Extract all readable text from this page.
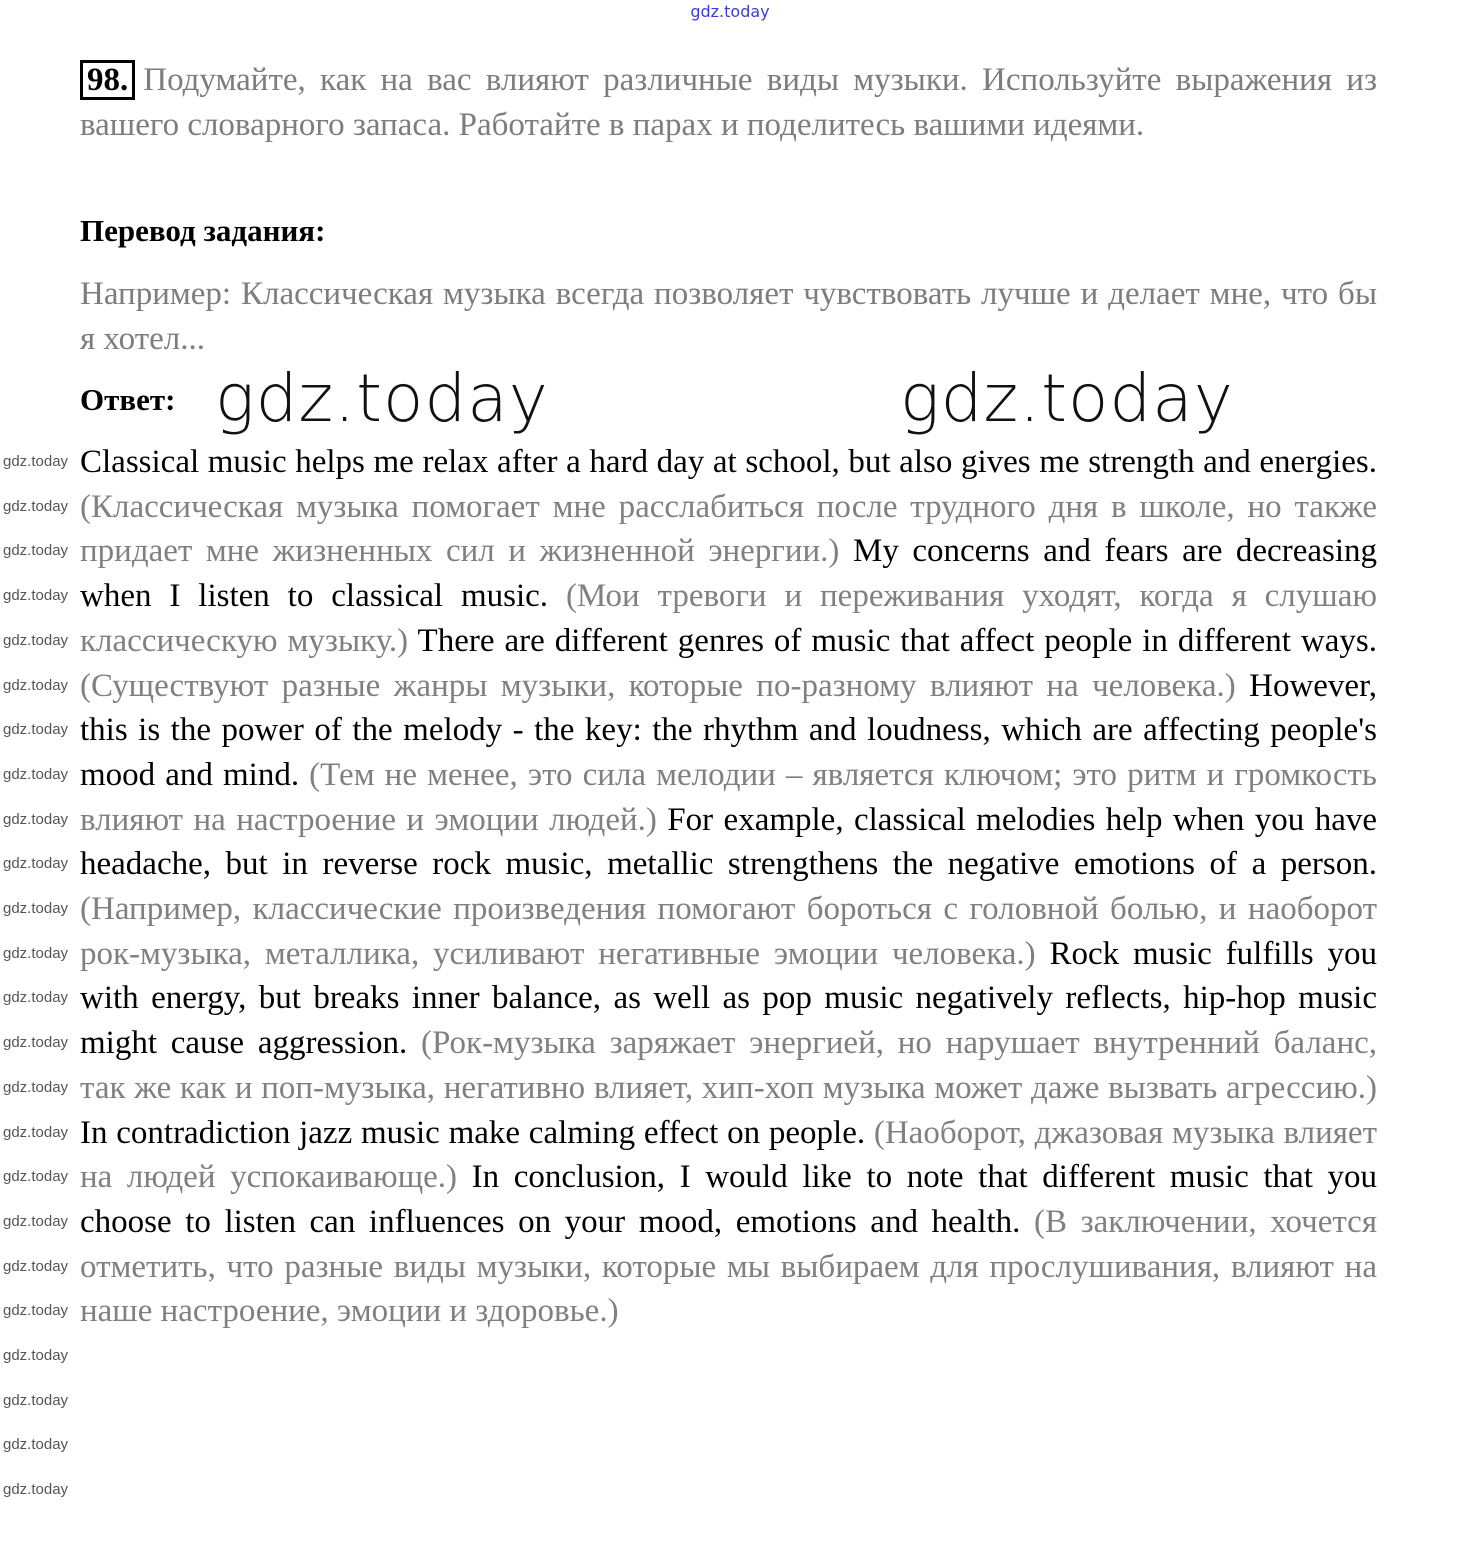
gdz.today
98. Подумайте, как на вас влияют различные виды музыки. Используйте выражения из вашего словарного запаса. Работайте в парах и поделитесь вашими идеями.
Перевод задания:
Например: Классическая музыка всегда позволяет чувствовать лучше и делает мне, что бы я хотел...
Ответ: gdz.today	gdz.today
Classical music helps me relax after a hard day at school, but also gives me strength and energies. (Классическая музыка помогает мне расслабиться после трудного дня в школе, но также придает мне жизненных сил и жизненной энергии.) My concerns and fears are decreasing when I listen to classical music. (Мои тревоги и переживания уходят, когда я слушаю классическую музыку.) There are different genres of music that affect people in different ways. (Существуют разные жанры музыки, которые по-разному влияют на человека.) However, this is the power of the melody - the key: the rhythm and loudness, which are affecting people's mood and mind. (Тем не менее, это сила мелодии – является ключом; это ритм и громкость влияют на настроение и эмоции людей.) For example, classical melodies help when you have headache, but in reverse rock music, metallic strengthens the negative emotions of a person. (Например, классические произведения помогают бороться с головной болью, и наоборот рок-музыка, металлика, усиливают негативные эмоции человека.) Rock music fulfills you with energy, but breaks inner balance, as well as pop music negatively reflects, hip-hop music might cause aggression. (Рок-музыка заряжает энергией, но нарушает внутренний баланс, так же как и поп-музыка, негативно влияет, хип-хоп музыка может даже вызвать агрессию.) In contradiction jazz music make calming effect on people. (Наоборот, джазовая музыка влияет на людей успокаивающе.) In conclusion, I would like to note that different music that you choose to listen can influences on your mood, emotions and health. (В заключении, хочется отметить, что разные виды музыки, которые мы выбираем для прослушивания, влияют на наше настроение, эмоции и здоровье.)
gdz.today
gdz.today
gdz.today
gdz.today
gdz.today
gdz.today
gdz.today
gdz.today
gdz.today
gdz.today
gdz.today
gdz.today
gdz.today
gdz.today
gdz.today
gdz.today
gdz.today
gdz.today
gdz.today
gdz.today
gdz.today
gdz.today
gdz.today
gdz.today
